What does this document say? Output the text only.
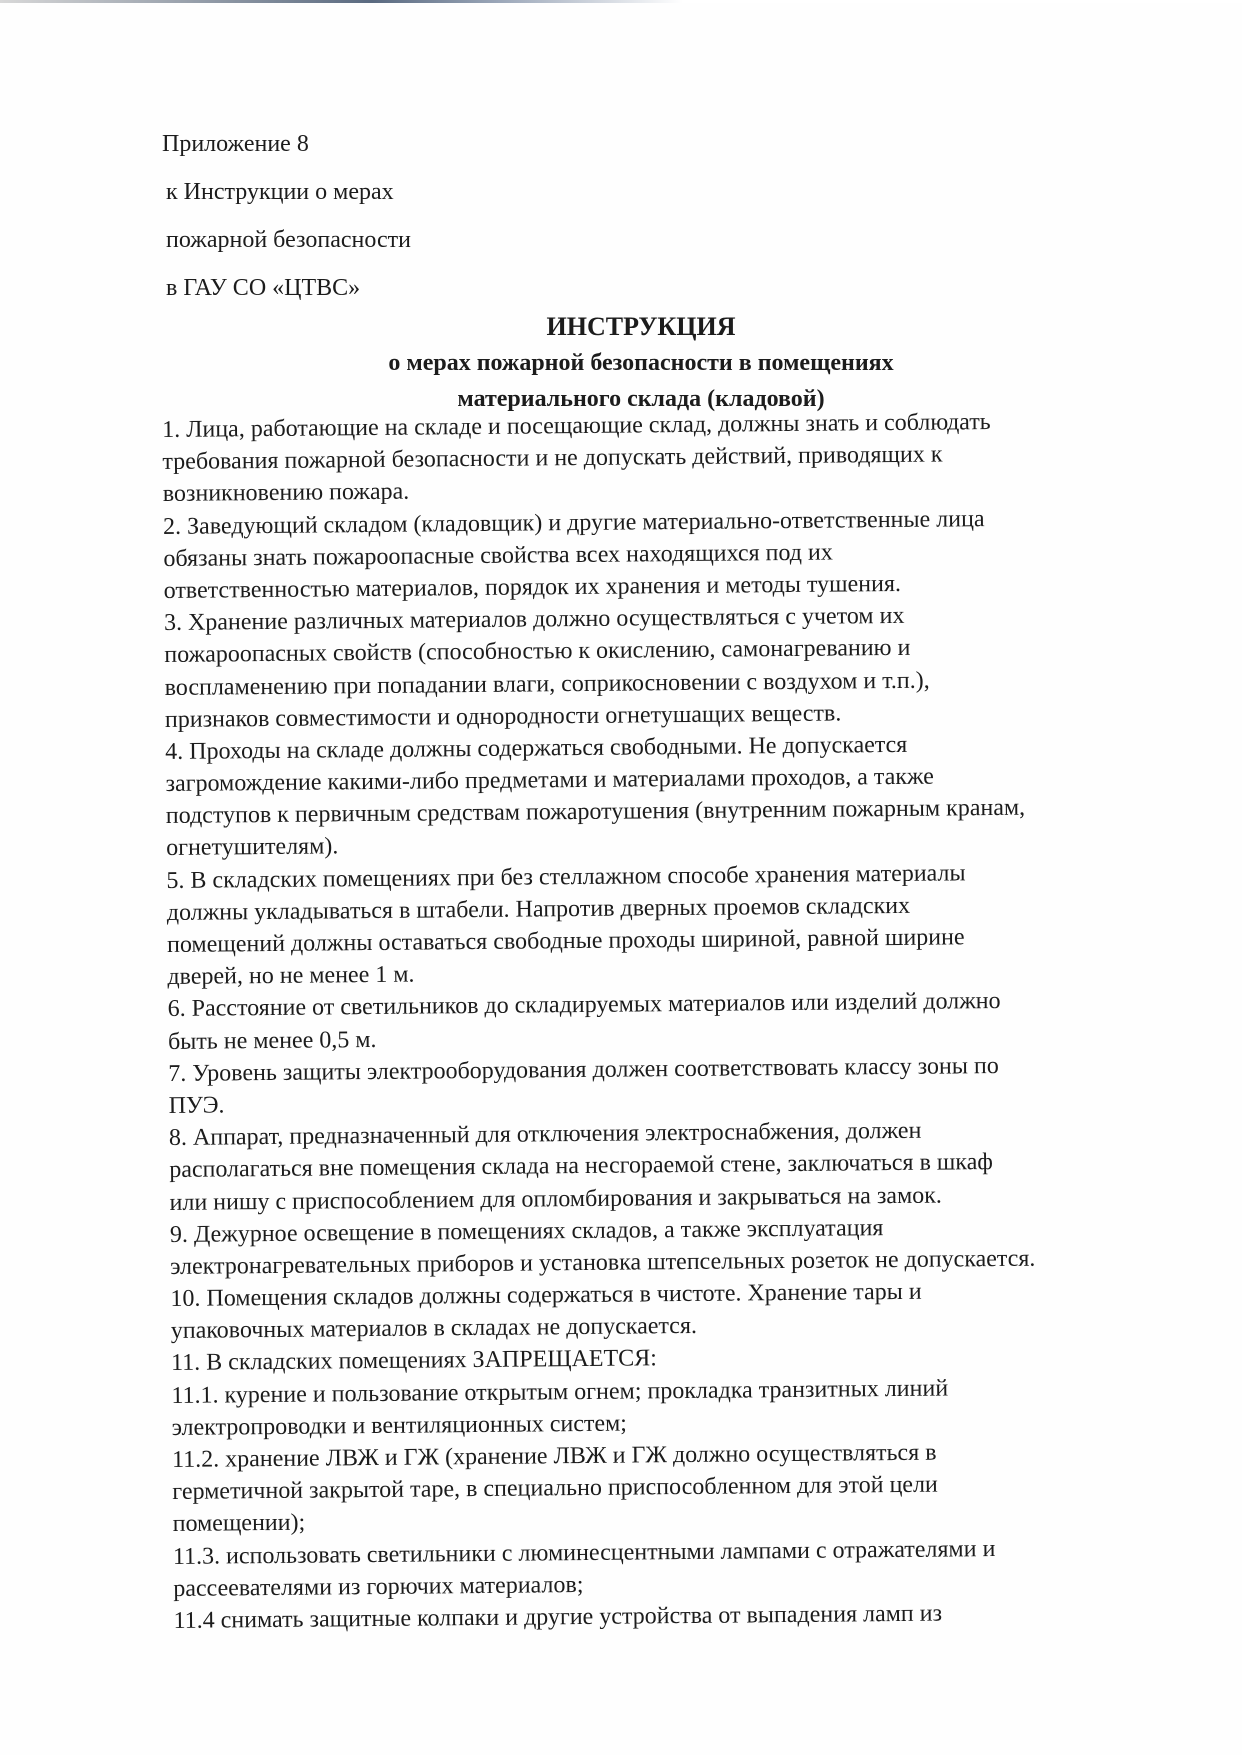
Приложение 8
к Инструкции о мерах
пожарной безопасности
в ГАУ СО «ЦТВС»
ИНСТРУКЦИЯ
о мерах пожарной безопасности в помещениях
материального склада (кладовой)
1. Лица, работающие на складе и посещающие склад, должны знать и соблюдать
требования пожарной безопасности и не допускать действий, приводящих к
возникновению пожара.
2. Заведующий складом (кладовщик) и другие материально-ответственные лица
обязаны знать пожароопасные свойства всех находящихся под их
ответственностью материалов, порядок их хранения и методы тушения.
3. Хранение различных материалов должно осуществляться с учетом их
пожароопасных свойств (способностью к окислению, самонагреванию и
воспламенению при попадании влаги, соприкосновении с воздухом и т.п.),
признаков совместимости и однородности огнетушащих веществ.
4. Проходы на складе должны содержаться свободными. Не допускается
загромождение какими-либо предметами и материалами проходов, а также
подступов к первичным средствам пожаротушения (внутренним пожарным кранам,
огнетушителям).
5. В складских помещениях при без стеллажном способе хранения материалы
должны укладываться в штабели. Напротив дверных проемов складских
помещений должны оставаться свободные проходы шириной, равной ширине
дверей, но не менее 1 м.
6. Расстояние от светильников до складируемых материалов или изделий должно
быть не менее 0,5 м.
7. Уровень защиты электрооборудования должен соответствовать классу зоны по
ПУЭ.
8. Аппарат, предназначенный для отключения электроснабжения, должен
располагаться вне помещения склада на несгораемой стене, заключаться в шкаф
или нишу с приспособлением для опломбирования и закрываться на замок.
9. Дежурное освещение в помещениях складов, а также эксплуатация
электронагревательных приборов и установка штепсельных розеток не допускается.
10. Помещения складов должны содержаться в чистоте. Хранение тары и
упаковочных материалов в складах не допускается.
11. В складских помещениях ЗАПРЕЩАЕТСЯ:
11.1. курение и пользование открытым огнем; прокладка транзитных линий
электропроводки и вентиляционных систем;
11.2. хранение ЛВЖ и ГЖ (хранение ЛВЖ и ГЖ должно осуществляться в
герметичной закрытой таре, в специально приспособленном для этой цели
помещении);
11.3. использовать светильники с люминесцентными лампами с отражателями и
рассеевателями из горючих материалов;
11.4 снимать защитные колпаки и другие устройства от выпадения ламп из
